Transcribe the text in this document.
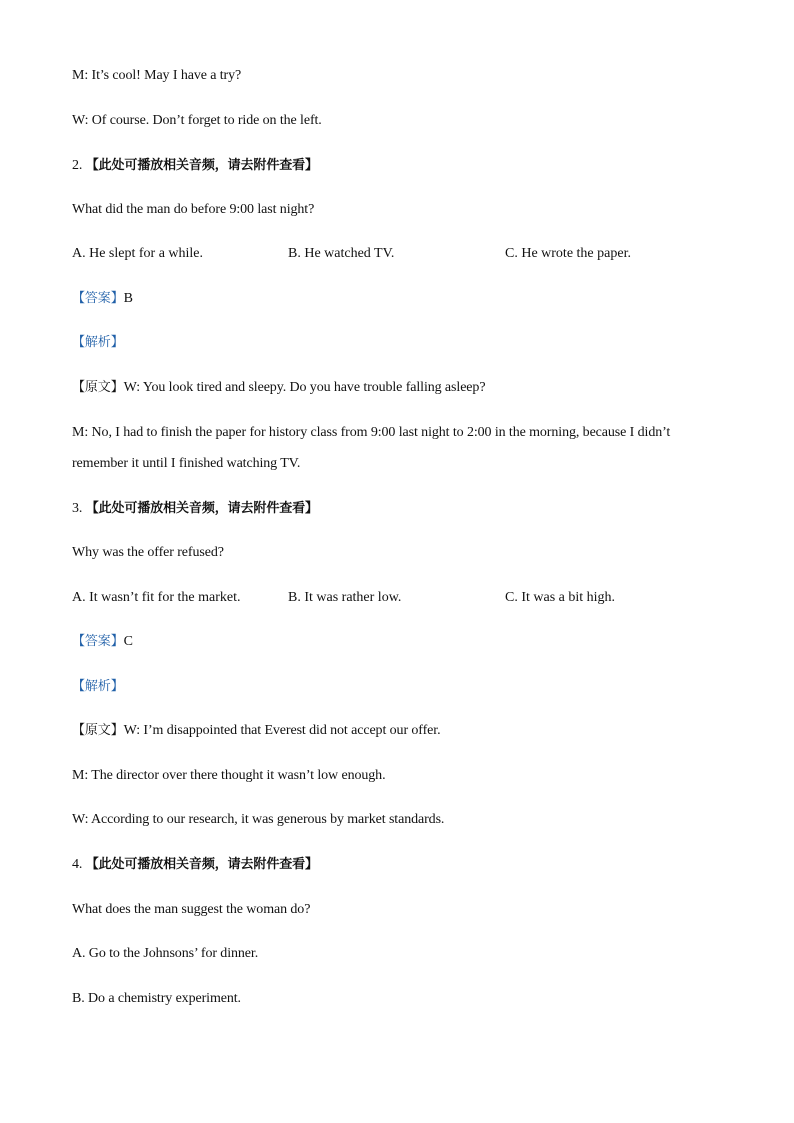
M: It’s cool! May I have a try?
W: Of course. Don’t forget to ride on the left.
2. 【此处可播放相关音频，请去附件查看】
What did the man do before 9:00 last night?
A. He slept for a while.	B. He watched TV.	C. He wrote the paper.
【答案】B
【解析】
【原文】W: You look tired and sleepy. Do you have trouble falling asleep?
M: No, I had to finish the paper for history class from 9:00 last night to 2:00 in the morning, because I didn’t
remember it until I finished watching TV.
3. 【此处可播放相关音频，请去附件查看】
Why was the offer refused?
A. It wasn’t fit for the market.	B. It was rather low.	C. It was a bit high.
【答案】C
【解析】
【原文】W: I’m disappointed that Everest did not accept our offer.
M: The director over there thought it wasn’t low enough.
W: According to our research, it was generous by market standards.
4. 【此处可播放相关音频，请去附件查看】
What does the man suggest the woman do?
A. Go to the Johnsons’ for dinner.
B. Do a chemistry experiment.
